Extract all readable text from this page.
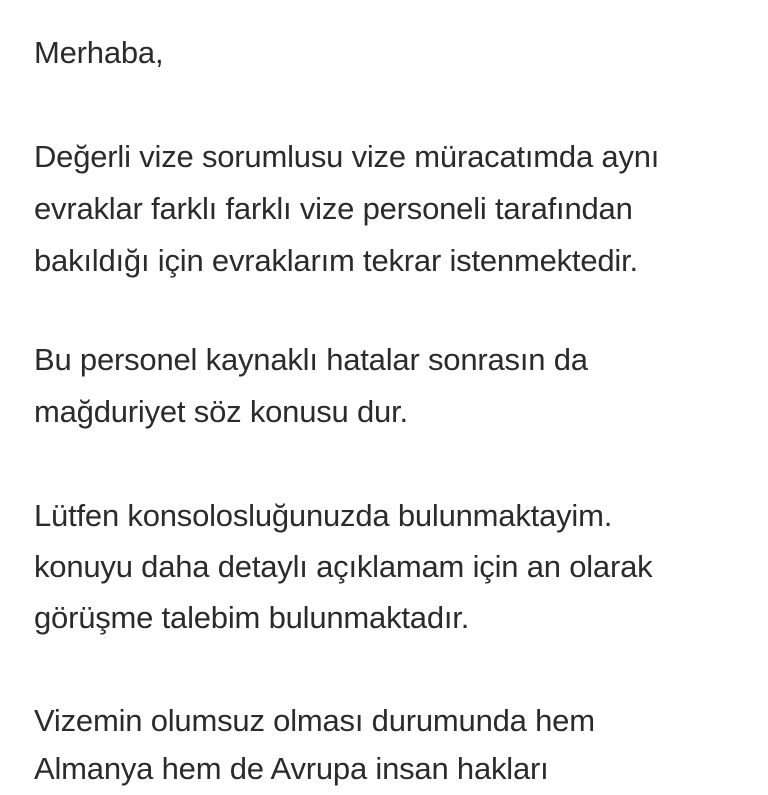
Merhaba,
Değerli vize sorumlusu vize müracatımda aynı
evraklar farklı farklı vize personeli tarafından
bakıldığı için evraklarım tekrar istenmektedir.
Bu personel kaynaklı hatalar sonrasın da
mağduriyet söz konusu dur.
Lütfen konsolosluğunuzda bulunmaktayim.
konuyu daha detaylı açıklamam için an olarak
görüşme talebim bulunmaktadır.
Vizemin olumsuz olması durumunda hem
Almanya hem de Avrupa insan hakları
